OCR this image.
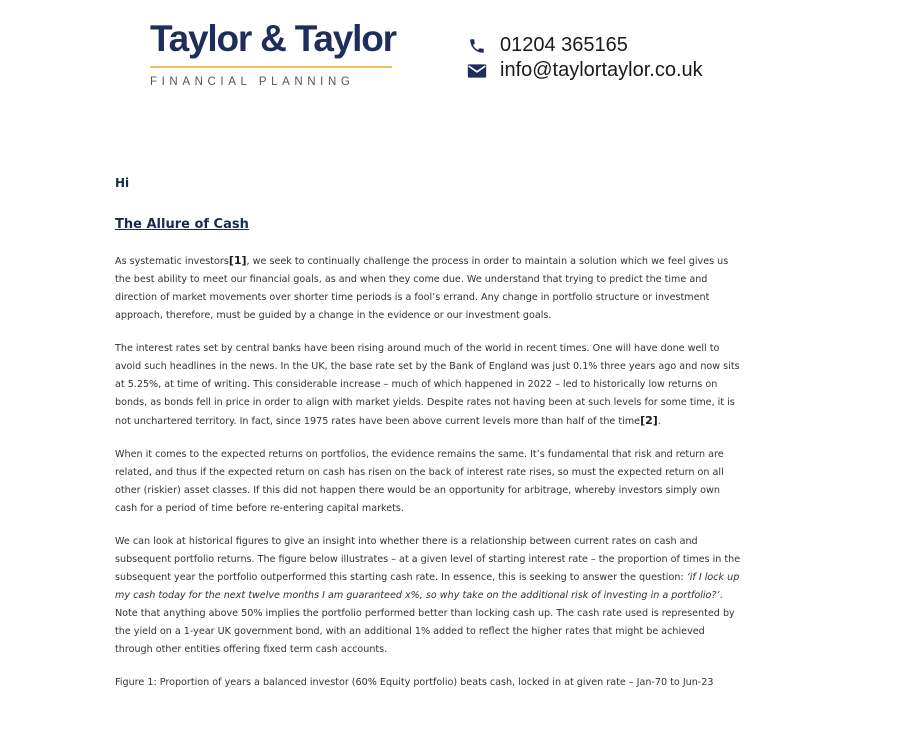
Taylor & Taylor
FINANCIAL PLANNING
01204 365165
info@taylortaylor.co.uk
Hi
The Allure of Cash

As systematic investors[1], we seek to continually challenge the process in order to maintain a solution which we feel gives us the best ability to meet our financial goals, as and when they come due. We understand that trying to predict the time and direction of market movements over shorter time periods is a fool’s errand. Any change in portfolio structure or investment approach, therefore, must be guided by a change in the evidence or our investment goals.

The interest rates set by central banks have been rising around much of the world in recent times. One will have done well to avoid such headlines in the news. In the UK, the base rate set by the Bank of England was just 0.1% three years ago and now sits at 5.25%, at time of writing. This considerable increase – much of which happened in 2022 – led to historically low returns on bonds, as bonds fell in price in order to align with market yields. Despite rates not having been at such levels for some time, it is not unchartered territory. In fact, since 1975 rates have been above current levels more than half of the time[2].

When it comes to the expected returns on portfolios, the evidence remains the same. It’s fundamental that risk and return are related, and thus if the expected return on cash has risen on the back of interest rate rises, so must the expected return on all other (riskier) asset classes. If this did not happen there would be an opportunity for arbitrage, whereby investors simply own cash for a period of time before re-entering capital markets.

We can look at historical figures to give an insight into whether there is a relationship between current rates on cash and subsequent portfolio returns. The figure below illustrates – at a given level of starting interest rate – the proportion of times in the subsequent year the portfolio outperformed this starting cash rate. In essence, this is seeking to answer the question: ‘if I lock up my cash today for the next twelve months I am guaranteed x%, so why take on the additional risk of investing in a portfolio?’. Note that anything above 50% implies the portfolio performed better than locking cash up. The cash rate used is represented by the yield on a 1-year UK government bond, with an additional 1% added to reflect the higher rates that might be achieved through other entities offering fixed term cash accounts.

Figure 1: Proportion of years a balanced investor (60% Equity portfolio) beats cash, locked in at given rate – Jan-70 to Jun-23
